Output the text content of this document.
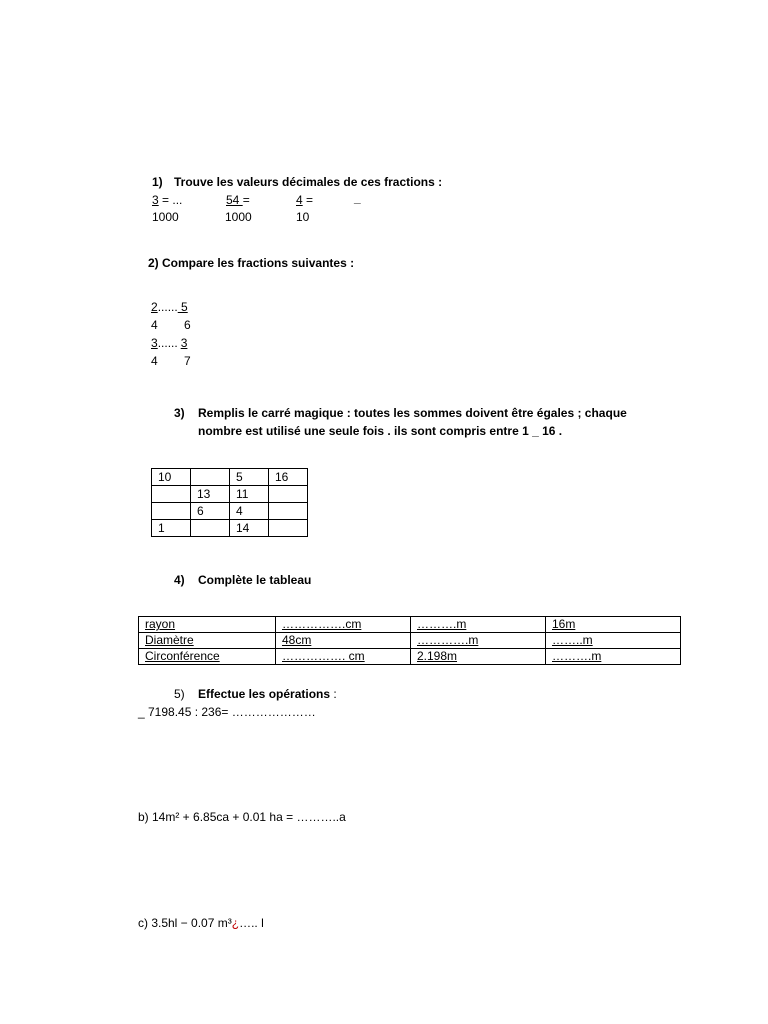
1) Trouve les valeurs décimales de ces fractions :
3 = ...
1000
54 =
1000
4 =
10
_
2) Compare les fractions suivantes :
2...... 5
4 6
3...... 3
4 7
3) Remplis le carré magique : toutes les sommes doivent être égales ; chaque
nombre est utilisé une seule fois . ils sont compris entre 1 _ 16 .
10		5	16
	13	11	
	6	4	
1		14	
4) Complète le tableau
rayon	…………….cm	……….m	16m
Diamètre	48cm	………….m	……..m
Circonférence	……………. cm	2.198m	……….m
5) Effectue les opérations :
_ 7198.45 : 236= …………………
b) 14m² + 6.85ca + 0.01 ha = ………..a
c) 3.5hl − 0.07 m³¿….. l
